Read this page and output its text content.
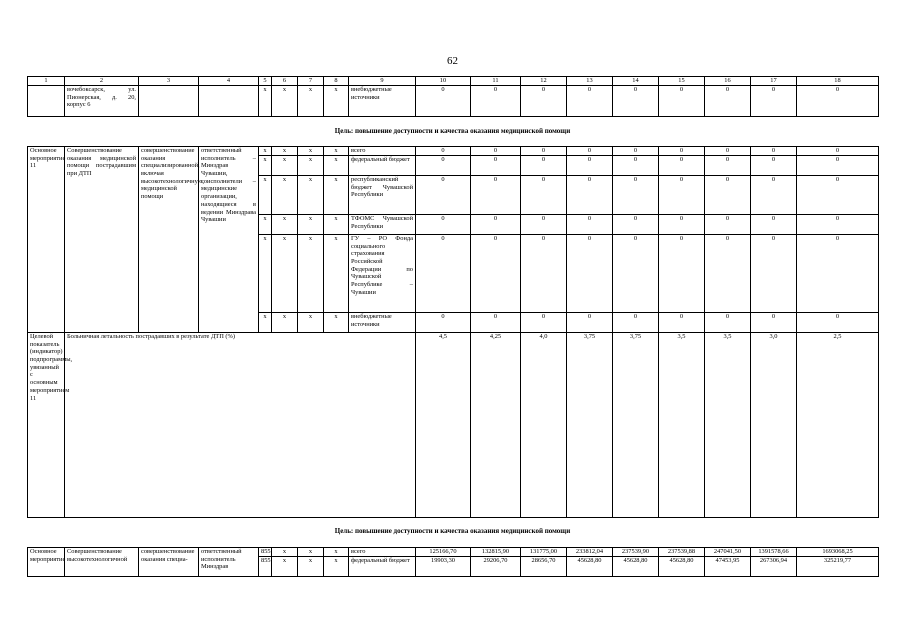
62
1	2	3	4	5	6	7	8	9	10	11	12	13	14	15	16	17	18
	вочебоксарск, ул. Пионерская, д. 20, корпус 6			х	х	х	х	внебюджетные источники	0	0	0	0	0	0	0	0	0
Цель: повышение доступности и качества оказания медицинской помощи
Основное мероприятие 11	Совершенствование оказания медицинской помощи пострадавшим при ДТП	совершенствование оказания специализированной, включая высокотехнологичную, медицинской помощи	ответственный исполнитель – Минздрав Чувашии, соисполнители – медицинские организации, находящиеся в ведении Минздрава Чувашии	х	х	х	х	всего	0	0	0	0	0	0	0	0	0
				х	х	х	х	федеральный бюджет	0	0	0	0	0	0	0	0	0
				х	х	х	х	республиканский бюджет Чувашской Республики	0	0	0	0	0	0	0	0	0
				х	х	х	х	ТФОМС Чувашской Республики	0	0	0	0	0	0	0	0	0
				х	х	х	х	ГУ – РО Фонда социального страхования Российской Федерации по Чувашской Республике – Чувашии	0	0	0	0	0	0	0	0	0
				х	х	х	х	внебюджетные источники	0	0	0	0	0	0	0	0	0
Целевой показатель (индикатор) подпрограммы, увязанный с основным мероприятием 11	Больничная летальность пострадавших в результате ДТП (%)								4,5	4,25	4,0	3,75	3,75	3,5	3,5	3,0	2,5
Цель: повышение доступности и качества оказания медицинской помощи
Основное мероприятие	Совершенствование высокотехнологичной	совершенствование оказания специа-	ответственный исполнитель Минздрав	855	х	х	х	всего	125166,70	132815,90	131775,00	233812,04	237539,90	237539,88	247041,50	1391578,66	1693068,25
				855	х	х	х	федеральный бюджет	19903,30	29206,70	28656,70	45628,80	45628,80	45628,80	47453,95	267306,94	325219,77
